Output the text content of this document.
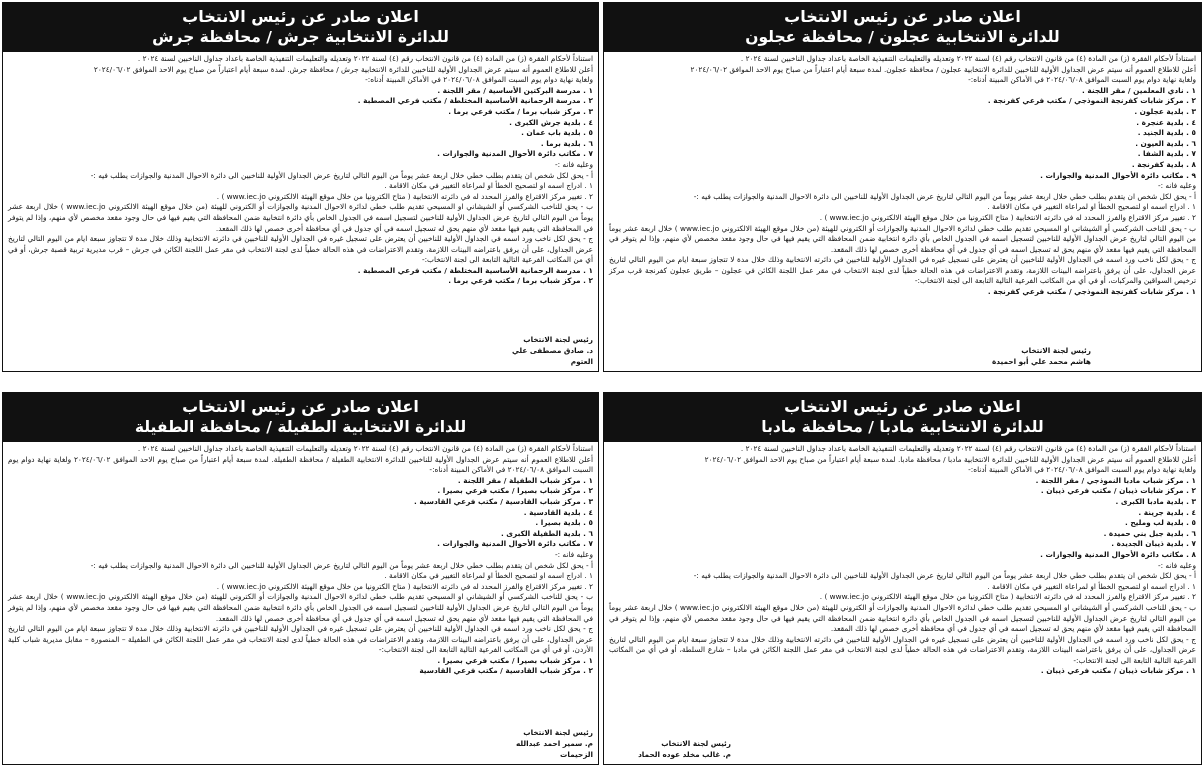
اعلان صادر عن رئيس الانتخاب
للدائرة الانتخابية عجلون / محافظة عجلون

استناداً لأحكام الفقرة (ز) من المادة (٤) من قانون الانتخاب رقم (٤) لسنة ٢٠٢٢ وتعديله والتعليمات التنفيذية الخاصة باعداد جداول الناخبين لسنة ٢٠٢٤ .

أعلن للاطلاع العموم أنه سيتم عرض الجداول الأولية للناخبين للدائرة الانتخابية عجلون / محافظة عجلون. لمدة سبعة أيام اعتباراً من صباح يوم الاحد الموافق ٢٠٢٤/٠٦/٠٢

ولغاية نهاية دوام يوم السبت الموافق ٢٠٢٤/٠٦/٠٨ في الأماكن المبينة أدناه:-

١ . نادي المعلمين / مقر اللجنة .

٢ . مركز شابات كفرنجة النموذجي / مكتب فرعي كفرنجة .

٣ . بلدية عجلون .

٤ . بلدية عنجرة .

٥ . بلدية الجنيد .

٦ . بلدية العيون .

٧ . بلدية الشفا .

٨ . بلدية كفرنجة .

٩ . مكاتب دائرة الأحوال المدنية والجوازات .

وعليه فانه :-

أ - يحق لكل شخص ان يتقدم بطلب خطي خلال اربعة عشر يوماً من اليوم التالي لتاريخ عرض الجداول الأولية للناخبين الى دائرة الاحوال المدنية والجوازات يطلب فيه :-

١ . ادراج اسمه او لتصحيح الخطأ او لمراعاة التغيير في مكان الاقامة .

٢ . تغيير مركز الاقتراع والفرز المحدد له في دائرته الانتخابية ( متاح الكترونيا من خلال موقع الهيئة الالكتروني www.iec.jo ) .

ب - يحق للناخب الشركسي أو الشيشاني او المسيحي تقديم طلب خطي لدائرة الاحوال المدنية والجوازات أو الكتروني للهيئة (من خلال موقع الهيئة الالكتروني www.iec.jo ) خلال اربعة عشر يوماً من اليوم التالي لتاريخ عرض الجداول الأولية للناخبين لتسجيل اسمه في الجدول الخاص بأي دائرة انتخابية ضمن المحافظة التي يقيم فيها في حال وجود مقعد مخصص لأي منهم، وإذا لم يتوفر في المحافظة التي يقيم فيها مقعد لأي منهم يحق له تسجيل اسمه في أي جدول في أي محافظة أخرى خصص لها ذلك المقعد.

ج - يحق لكل ناخب ورد اسمه في الجداول الأولية للناخبين أن يعترض على تسجيل غيره في الجداول الأولية للناخبين في دائرته الانتخابية وذلك خلال مدة لا تتجاوز سبعة ايام من اليوم التالي لتاريخ عرض الجداول، على أن يرفق باعتراضه البينات اللازمة، وتقدم الاعتراضات في هذه الحالة خطياً لدى لجنة الانتخاب في مقر عمل اللجنة الكائن في عجلون – طريق عجلون كفرنجة قرب مركز ترخيص السواقين والمركبات، أو في أي من المكاتب الفرعية التالية التابعة الى لجنة الانتخاب:-

١ . مركز شابات كفرنجة النموذجي / مكتب فرعي كفرنجة .

رئيس لجنة الانتخاب
هاشم محمد علي أبو احميدة
اعلان صادر عن رئيس الانتخاب
للدائرة الانتخابية جرش / محافظة جرش

استناداً لأحكام الفقرة (ز) من المادة (٤) من قانون الانتخاب رقم (٤) لسنة ٢٠٢٢ وتعديله والتعليمات التنفيذية الخاصة باعداد جداول الناخبين لسنة ٢٠٢٤ .

أعلن للاطلاع العموم أنه سيتم عرض الجداول الأولية للناخبين للدائرة الانتخابية جرش / محافظة جرش. لمدة سبعة أيام اعتباراً من صباح يوم الاحد الموافق ٢٠٢٤/٠٦/٠٢

ولغاية نهاية دوام يوم السبت الموافق ٢٠٢٤/٠٦/٠٨ في الأماكن المبينة أدناه:-

١ . مدرسة البركتين الأساسية / مقر اللجنة .

٢ . مدرسة الرحمانية الأساسية المختلطة / مكتب فرعي المصطبة .

٣ . مركز شباب برما / مكتب فرعي برما .

٤ . بلدية جرش الكبرى .

٥ . بلدية باب عمان .

٦ . بلدية برما .

٧ . مكاتب دائرة الأحوال المدنية والجوازات .

وعليه فانه :-

أ - يحق لكل شخص ان يتقدم بطلب خطي خلال اربعة عشر يوماً من اليوم التالي لتاريخ عرض الجداول الأولية للناخبين الى دائرة الاحوال المدنية والجوازات يطلب فيه :-

١ . ادراج اسمه او لتصحيح الخطأ او لمراعاة التغيير في مكان الاقامة .

٢ . تغيير مركز الاقتراع والفرز المحدد له في دائرته الانتخابية ( متاح الكترونيا من خلال موقع الهيئة الالكتروني www.iec.jo ) .

ب - يحق للناخب الشركسي أو الشيشاني او المسيحي تقديم طلب خطي لدائرة الاحوال المدنية والجوازات أو الكتروني للهيئة (من خلال موقع الهيئة الالكتروني www.iec.jo ) خلال اربعة عشر يوماً من اليوم التالي لتاريخ عرض الجداول الأولية للناخبين لتسجيل اسمه في الجدول الخاص بأي دائرة انتخابية ضمن المحافظة التي يقيم فيها في حال وجود مقعد مخصص لأي منهم، وإذا لم يتوفر في المحافظة التي يقيم فيها مقعد لأي منهم يحق له تسجيل اسمه في أي جدول في أي محافظة أخرى خصص لها ذلك المقعد.

ج - يحق لكل ناخب ورد اسمه في الجداول الأولية للناخبين أن يعترض على تسجيل غيره في الجداول الأولية للناخبين في دائرته الانتخابية وذلك خلال مدة لا تتجاوز سبعة ايام من اليوم التالي لتاريخ عرض الجداول، على أن يرفق باعتراضه البينات اللازمة، وتقدم الاعتراضات في هذه الحالة خطياً لدى لجنة الانتخاب في مقر عمل اللجنة الكائن في جرش – قرب مديرية تربية قصبة جرش، أو في أي من المكاتب الفرعية التالية التابعة الى لجنة الانتخاب:-

١ . مدرسة الرحمانية الأساسية المختلطة / مكتب فرعي المصطبة .

٢ . مركز شباب برما / مكتب فرعي برما .

رئيس لجنة الانتخاب
د. صادق مصطفى علي العتوم
اعلان صادر عن رئيس الانتخاب
للدائرة الانتخابية مادبا / محافظة مادبا

استناداً لأحكام الفقرة (ز) من المادة (٤) من قانون الانتخاب رقم (٤) لسنة ٢٠٢٢ وتعديله والتعليمات التنفيذية الخاصة باعداد جداول الناخبين لسنة ٢٠٢٤ .

أعلن للاطلاع العموم أنه سيتم عرض الجداول الأولية للناخبين للدائرة الانتخابية مادبا / محافظة مادبا. لمدة سبعة أيام اعتباراً من صباح يوم الاحد الموافق ٢٠٢٤/٠٦/٠٢

ولغاية نهاية دوام يوم السبت الموافق ٢٠٢٤/٠٦/٠٨ في الأماكن المبينة أدناه:-

١ . مركز شباب مادبا النموذجي / مقر اللجنة .

٢ . مركز شابات ذيبان / مكتب فرعي ذيبان .

٣ . بلدية مادبا الكبرى .

٤ . بلدية جرينة .

٥ . بلدية لب ومليح .

٦ . بلدية جبل بني حميدة .

٧ . بلدية ذيبان الجديدة .

٨ . مكاتب دائرة الأحوال المدنية والجوازات .

وعليه فانه :-

أ - يحق لكل شخص ان يتقدم بطلب خطي خلال اربعة عشر يوماً من اليوم التالي لتاريخ عرض الجداول الأولية للناخبين الى دائرة الاحوال المدنية والجوازات يطلب فيه :-

١ . ادراج اسمه او لتصحيح الخطأ او لمراعاة التغيير في مكان الاقامة .

٢ . تغيير مركز الاقتراع والفرز المحدد له في دائرته الانتخابية ( متاح الكترونيا من خلال موقع الهيئة الالكتروني www.iec.jo ) .

ب - يحق للناخب الشركسي أو الشيشاني او المسيحي تقديم طلب خطي لدائرة الاحوال المدنية والجوازات أو الكتروني للهيئة (من خلال موقع الهيئة الالكتروني www.iec.jo ) خلال اربعة عشر يوماً من اليوم التالي لتاريخ عرض الجداول الأولية للناخبين لتسجيل اسمه في الجدول الخاص بأي دائرة انتخابية ضمن المحافظة التي يقيم فيها في حال وجود مقعد مخصص لأي منهم، وإذا لم يتوفر في المحافظة التي يقيم فيها مقعد لأي منهم يحق له تسجيل اسمه في أي جدول في أي محافظة أخرى خصص لها ذلك المقعد.

ج - يحق لكل ناخب ورد اسمه في الجداول الأولية للناخبين أن يعترض على تسجيل غيره في الجداول الأولية للناخبين في دائرته الانتخابية وذلك خلال مدة لا تتجاوز سبعة ايام من اليوم التالي لتاريخ عرض الجداول، على أن يرفق باعتراضه البينات اللازمة، وتقدم الاعتراضات في هذه الحالة خطياً لدى لجنة الانتخاب في مقر عمل اللجنة الكائن في مادبا – شارع السلطة، أو في أي من المكاتب الفرعية التالية التابعة الى لجنة الانتخاب:-

١ . مركز شابات ذيبان / مكتب فرعي ذيبان .

رئيس لجنة الانتخاب
م. غالب مخلد عوده الحماد
اعلان صادر عن رئيس الانتخاب
للدائرة الانتخابية الطفيلة / محافظة الطفيلة

استناداً لأحكام الفقرة (ز) من المادة (٤) من قانون الانتخاب رقم (٤) لسنة ٢٠٢٢ وتعديله والتعليمات التنفيذية الخاصة باعداد جداول الناخبين لسنة ٢٠٢٤ .

أعلن للاطلاع العموم أنه سيتم عرض الجداول الأولية للناخبين للدائرة الانتخابية الطفيلة / محافظة الطفيلة. لمدة سبعة أيام اعتباراً من صباح يوم الاحد الموافق ٢٠٢٤/٠٦/٠٢ ولغاية نهاية دوام يوم السبت الموافق ٢٠٢٤/٠٦/٠٨ في الأماكن المبينة أدناه:-

١ . مركز شباب الطفيلة / مقر اللجنة .

٢ . مركز شباب بصيرا / مكتب فرعي بصيرا .

٣ . مركز شباب القادسية / مكتب فرعي القادسية .

٤ . بلدية القادسية .

٥ . بلدية بصيرا .

٦ . بلدية الطفيلة الكبرى .

٧ . مكاتب دائرة الأحوال المدنية والجوازات .

وعليه فانه :-

أ - يحق لكل شخص ان يتقدم بطلب خطي خلال اربعة عشر يوماً من اليوم التالي لتاريخ عرض الجداول الأولية للناخبين الى دائرة الاحوال المدنية والجوازات يطلب فيه :-

١ . ادراج اسمه او لتصحيح الخطأ او لمراعاة التغيير في مكان الاقامة .

٢ . تغيير مركز الاقتراع والفرز المحدد له في دائرته الانتخابية ( متاح الكترونيا من خلال موقع الهيئة الالكتروني www.iec.jo ) .

ب - يحق للناخب الشركسي أو الشيشاني او المسيحي تقديم طلب خطي لدائرة الاحوال المدنية والجوازات أو الكتروني للهيئة (من خلال موقع الهيئة الالكتروني www.iec.jo ) خلال اربعة عشر يوماً من اليوم التالي لتاريخ عرض الجداول الأولية للناخبين لتسجيل اسمه في الجدول الخاص بأي دائرة انتخابية ضمن المحافظة التي يقيم فيها في حال وجود مقعد مخصص لأي منهم، وإذا لم يتوفر في المحافظة التي يقيم فيها مقعد لأي منهم يحق له تسجيل اسمه في أي جدول في أي محافظة أخرى خصص لها ذلك المقعد.

ج - يحق لكل ناخب ورد اسمه في الجداول الأولية للناخبين أن يعترض على تسجيل غيره في الجداول الأولية للناخبين في دائرته الانتخابية وذلك خلال مدة لا تتجاوز سبعة ايام من اليوم التالي لتاريخ عرض الجداول، على أن يرفق باعتراضه البينات اللازمة، وتقدم الاعتراضات في هذه الحالة خطياً لدى لجنة الانتخاب في مقر عمل اللجنة الكائن في الطفيلة – المنصورة – مقابل مديرية شباب كلية الأردن، أو في أي من المكاتب الفرعية التالية التابعة الى لجنة الانتخاب:-

١ . مركز شباب بصيرا / مكتب فرعي بصيرا .

٢ . مركز شباب القادسية / مكتب فرعي القادسية

رئيس لجنة الانتخاب
م. سمير احمد عبدالله الزحيمات
